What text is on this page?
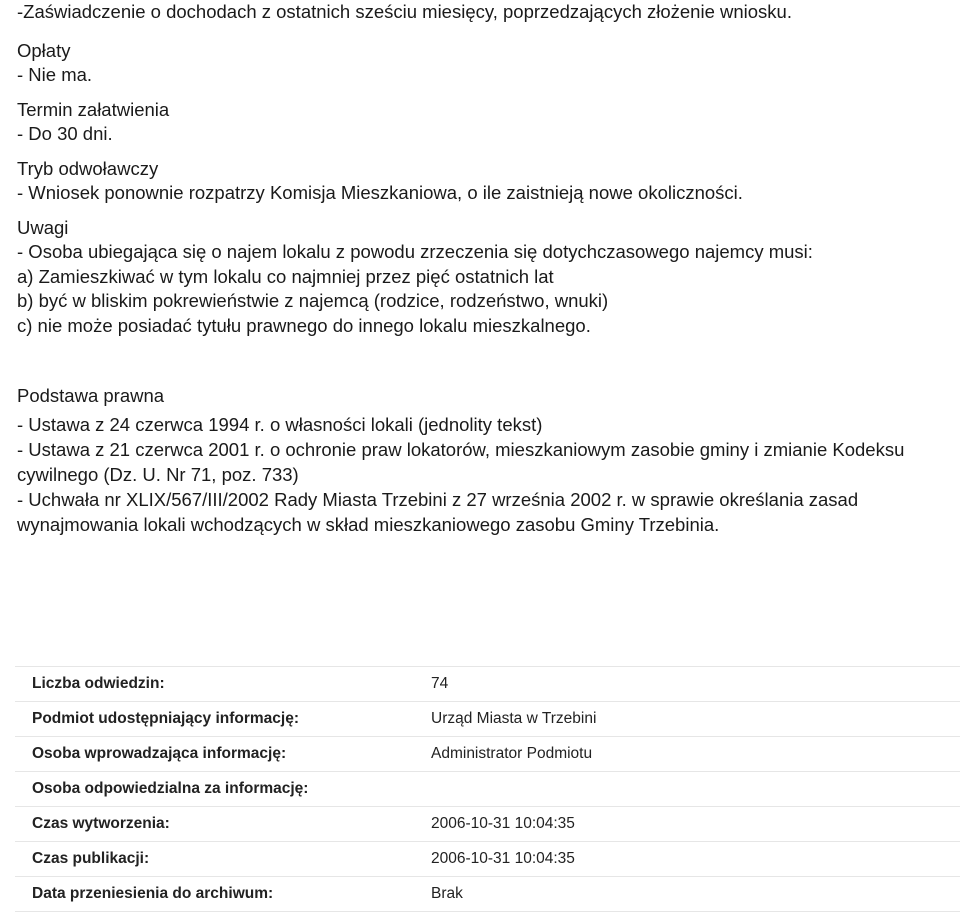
-Zaświadczenie o dochodach z ostatnich sześciu miesięcy, poprzedzających złożenie wniosku.
Opłaty
- Nie ma.
Termin załatwienia
- Do 30 dni.
Tryb odwoławczy
- Wniosek ponownie rozpatrzy Komisja Mieszkaniowa, o ile zaistnieją nowe okoliczności.
Uwagi
- Osoba ubiegająca się o najem lokalu z powodu zrzeczenia się dotychczasowego najemcy musi:
a) Zamieszkiwać w tym lokalu co najmniej przez pięć ostatnich lat
b) być w bliskim pokrewieństwie z najemcą (rodzice, rodzeństwo, wnuki)
c) nie może posiadać tytułu prawnego do innego lokalu mieszkalnego.
Podstawa prawna
- Ustawa z 24 czerwca 1994 r. o własności lokali (jednolity tekst)
- Ustawa z 21 czerwca 2001 r. o ochronie praw lokatorów, mieszkaniowym zasobie gminy i zmianie Kodeksu cywilnego (Dz. U. Nr 71, poz. 733)
- Uchwała nr XLIX/567/III/2002 Rady Miasta Trzebini z 27 września 2002 r. w sprawie określania zasad wynajmowania lokali wchodzących w skład mieszkaniowego zasobu Gminy Trzebinia.
Liczba odwiedzin:	74
Podmiot udostępniający informację:	Urząd Miasta w Trzebini
Osoba wprowadzająca informację:	Administrator Podmiotu
Osoba odpowiedzialna za informację:
Czas wytworzenia:	2006-10-31 10:04:35
Czas publikacji:	2006-10-31 10:04:35
Data przeniesienia do archiwum:	Brak
